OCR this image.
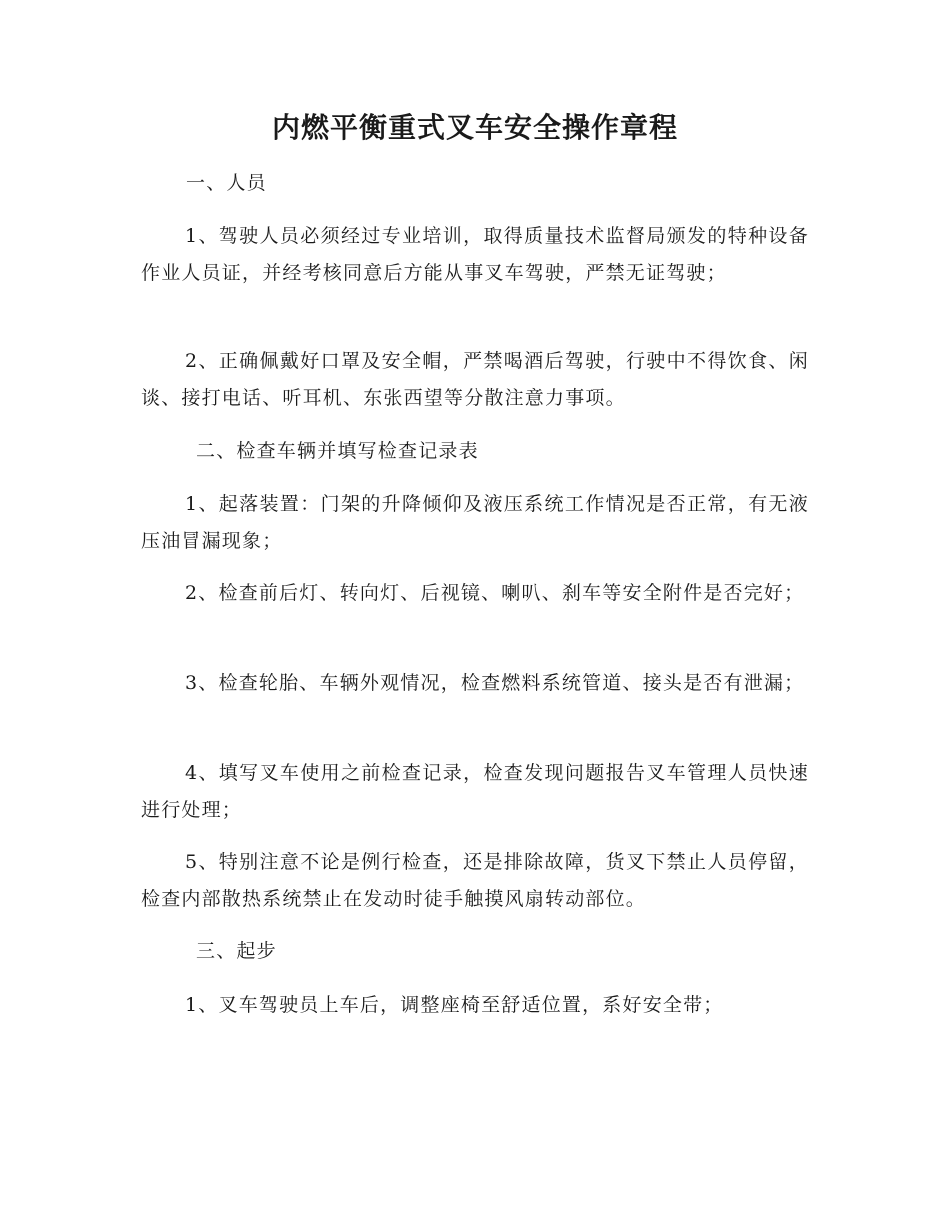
内燃平衡重式叉车安全操作章程

一、人员

1、驾驶人员必须经过专业培训，取得质量技术监督局颁发的特种设备作业人员证，并经考核同意后方能从事叉车驾驶，严禁无证驾驶；

2、正确佩戴好口罩及安全帽，严禁喝酒后驾驶，行驶中不得饮食、闲谈、接打电话、听耳机、东张西望等分散注意力事项。

二、检查车辆并填写检查记录表

1、起落装置：门架的升降倾仰及液压系统工作情况是否正常，有无液压油冒漏现象；

2、检查前后灯、转向灯、后视镜、喇叭、刹车等安全附件是否完好；

3、检查轮胎、车辆外观情况，检查燃料系统管道、接头是否有泄漏；

4、填写叉车使用之前检查记录，检查发现问题报告叉车管理人员快速进行处理；

5、特别注意不论是例行检查，还是排除故障，货叉下禁止人员停留，检查内部散热系统禁止在发动时徒手触摸风扇转动部位。

三、起步

1、叉车驾驶员上车后，调整座椅至舒适位置，系好安全带；
